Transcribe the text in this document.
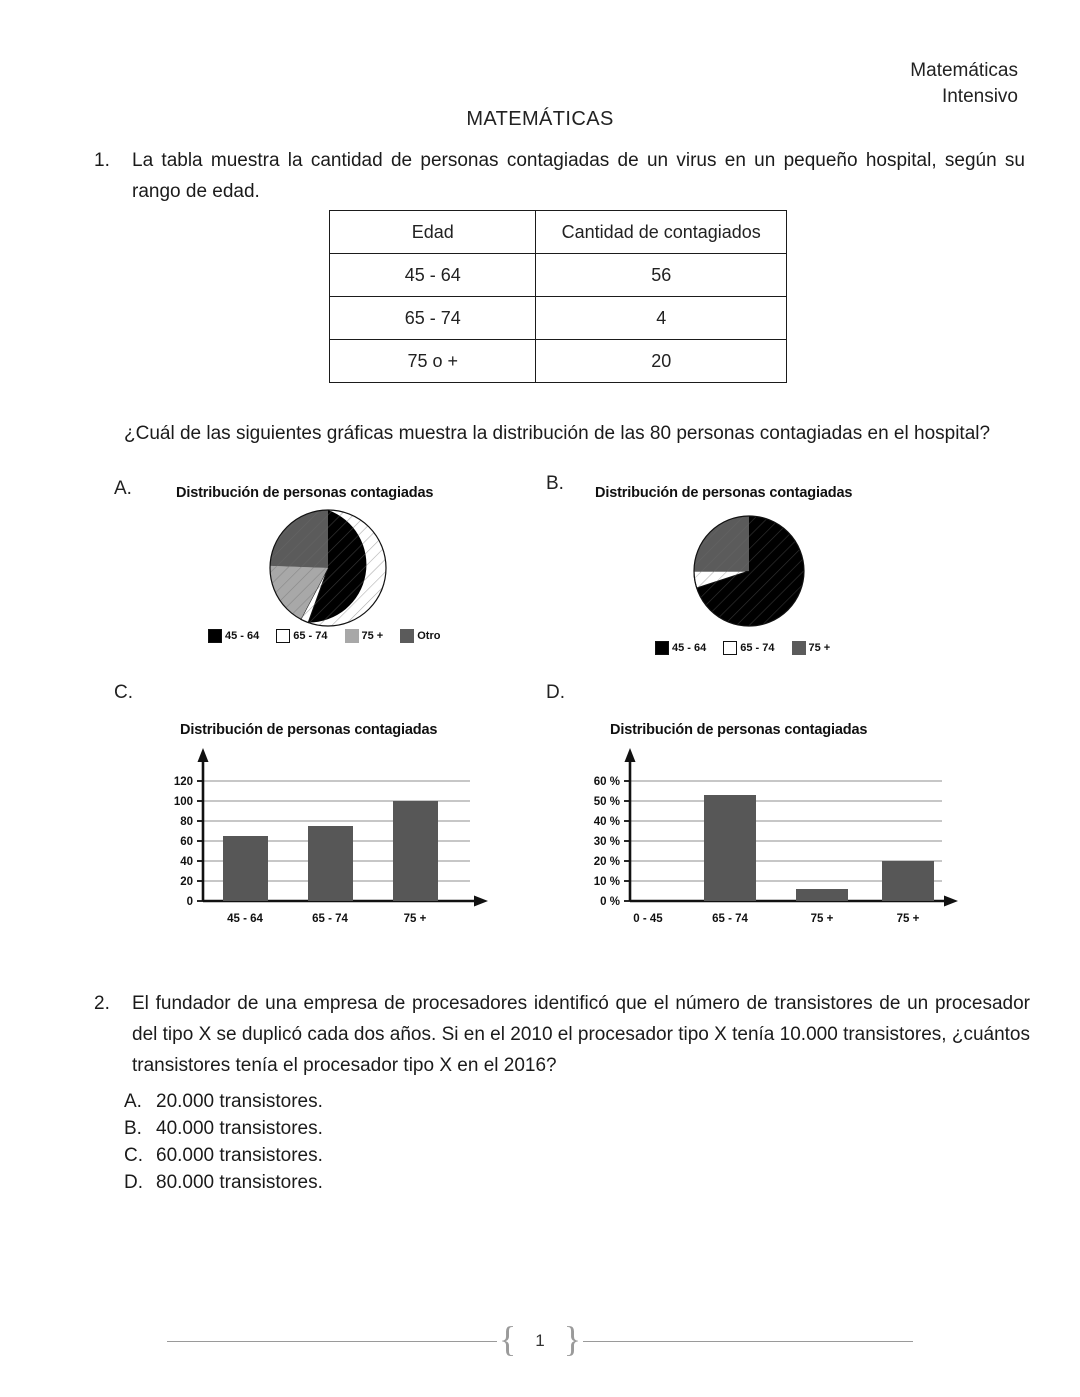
Matemáticas
Intensivo
MATEMÁTICAS
1.	La tabla muestra la cantidad de personas contagiadas de un virus en un pequeño hospital, según su rango de edad.
Edad	Cantidad de contagiados
45 - 64	56
65 - 74	4
75 o +	20
¿Cuál de las siguientes gráficas muestra la distribución de las 80 personas contagiadas en el hospital?
A.	Distribución de personas contagiadas
45 - 64	65 - 74	75 +	Otro
B. Distribución de personas contagiadas
45 - 64	65 - 74	75 +
C.
Distribución de personas contagiadas
120
100
80
60
40
20
0
45 - 64	65 - 74	75 +
D.
Distribución de personas contagiadas
60 %
50 %
40 %
30 %
20 %
10 %
0 %
0 - 45	65 - 74	75 +	75 +
2.	El fundador de una empresa de procesadores identificó que el número de transistores de un procesador del tipo X se duplicó cada dos años. Si en el 2010 el procesador tipo X tenía 10.000 transistores, ¿cuántos transistores tenía el procesador tipo X en el 2016?
A. 20.000 transistores.
B. 40.000 transistores.
C. 60.000 transistores.
D. 80.000 transistores.
{	1 }
